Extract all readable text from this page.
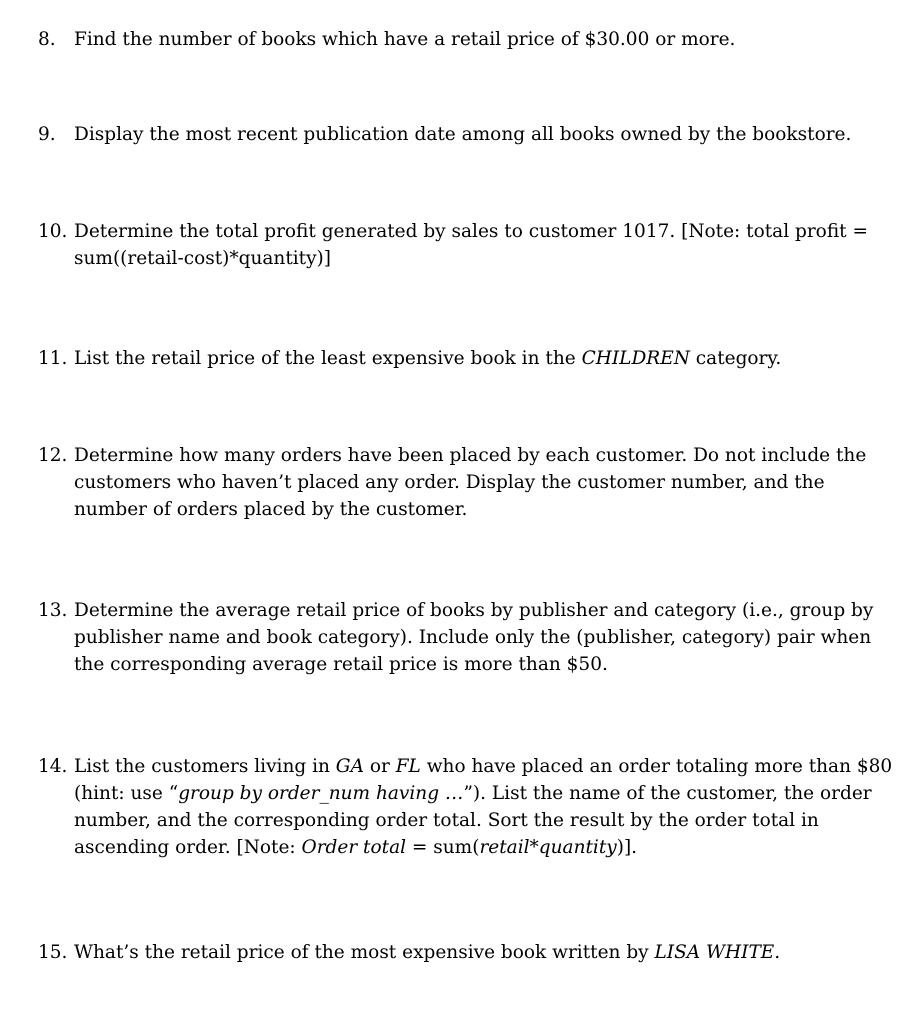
8. Find the number of books which have a retail price of $30.00 or more.

9. Display the most recent publication date among all books owned by the bookstore.

10. Determine the total profit generated by sales to customer 1017. [Note: total profit = sum((retail-cost)*quantity)]

11. List the retail price of the least expensive book in the CHILDREN category.

12. Determine how many orders have been placed by each customer. Do not include the customers who haven’t placed any order. Display the customer number, and the number of orders placed by the customer.

13. Determine the average retail price of books by publisher and category (i.e., group by publisher name and book category). Include only the (publisher, category) pair when the corresponding average retail price is more than $50.

14. List the customers living in GA or FL who have placed an order totaling more than $80 (hint: use “group by order_num having …”). List the name of the customer, the order number, and the corresponding order total. Sort the result by the order total in ascending order. [Note: Order total = sum(retail*quantity)].

15. What’s the retail price of the most expensive book written by LISA WHITE.
